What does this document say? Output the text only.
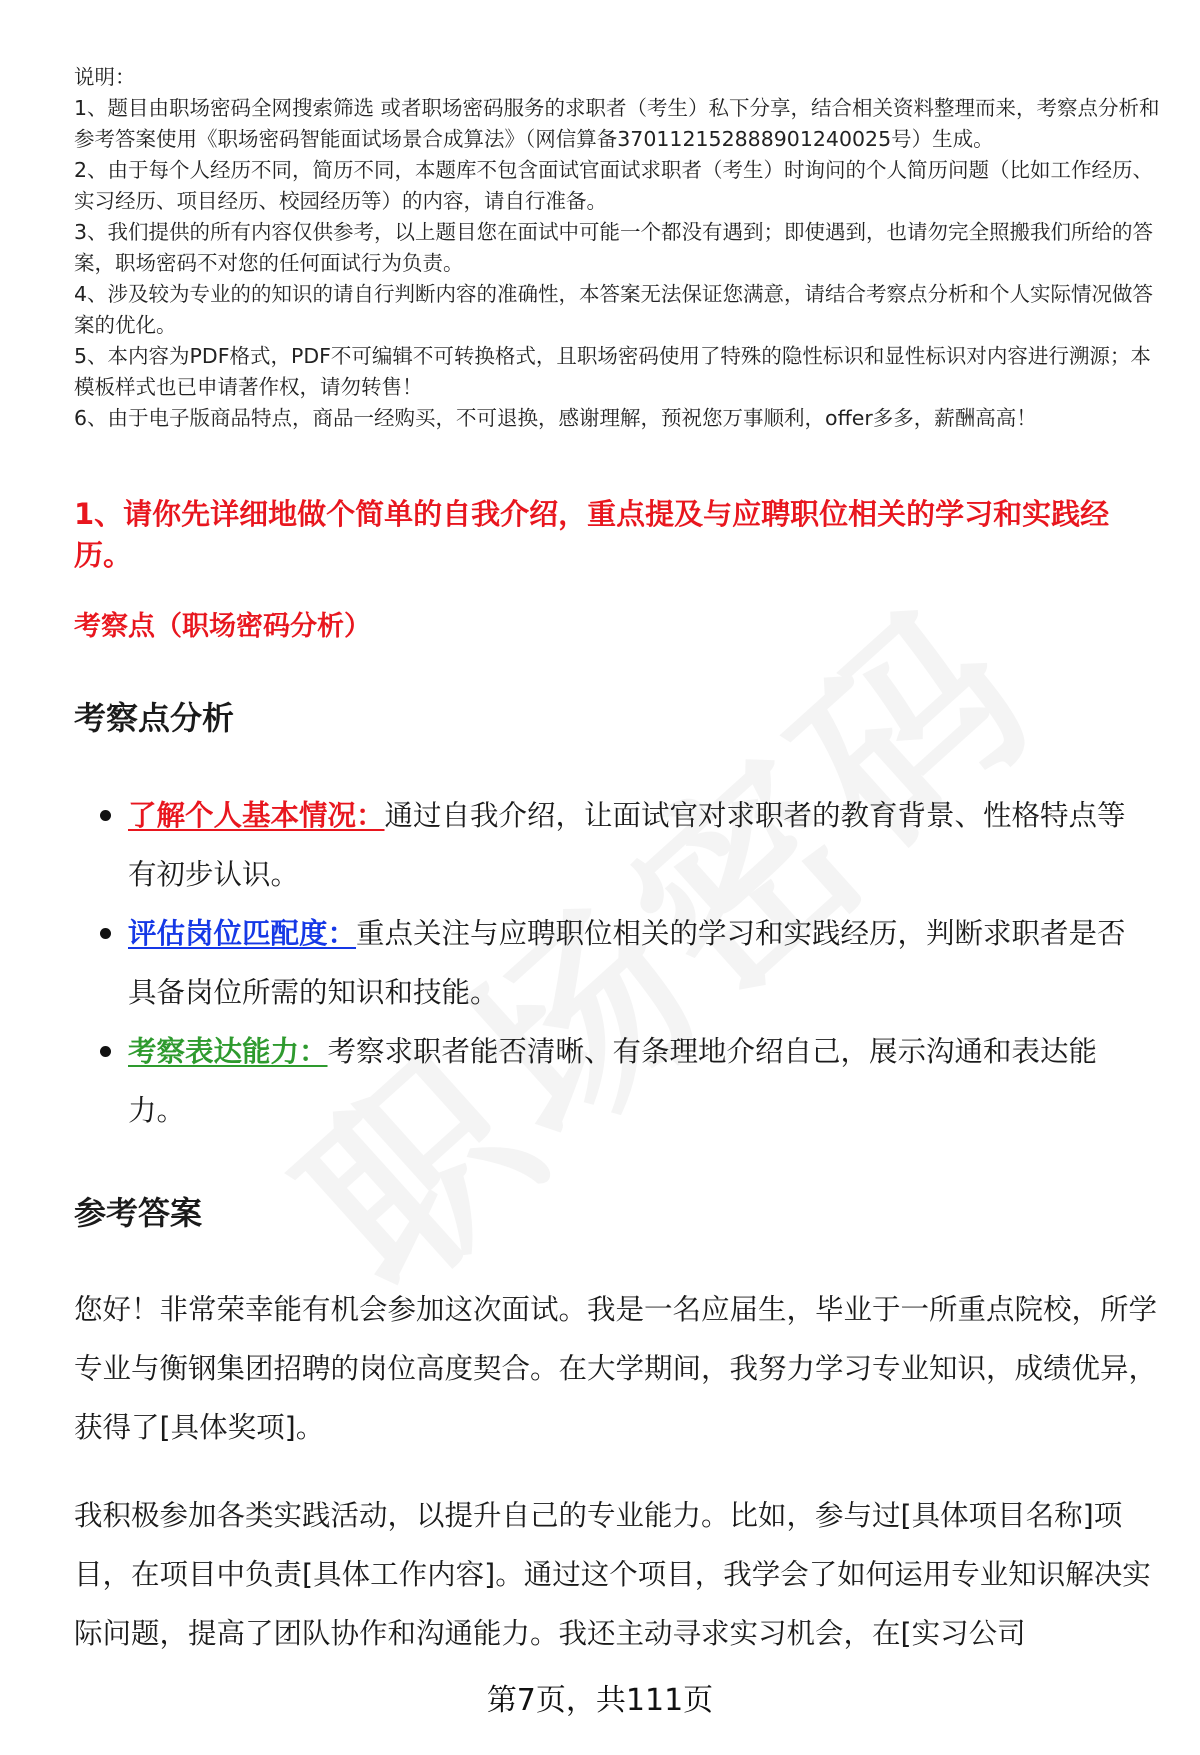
说明：
1、题目由职场密码全网搜索筛选 或者职场密码服务的求职者（考生）私下分享，结合相关资料整理而来，考察点分析和参考答案使用《职场密码智能面试场景合成算法》（网信算备370112152888901240025号）生成。
2、由于每个人经历不同，简历不同，本题库不包含面试官面试求职者（考生）时询问的个人简历问题（比如工作经历、实习经历、项目经历、校园经历等）的内容，请自行准备。
3、我们提供的所有内容仅供参考，以上题目您在面试中可能一个都没有遇到；即使遇到，也请勿完全照搬我们所给的答案，职场密码不对您的任何面试行为负责。
4、涉及较为专业的的知识的请自行判断内容的准确性，本答案无法保证您满意，请结合考察点分析和个人实际情况做答案的优化。
5、本内容为PDF格式，PDF不可编辑不可转换格式，且职场密码使用了特殊的隐性标识和显性标识对内容进行溯源；本模板样式也已申请著作权，请勿转售！
6、由于电子版商品特点，商品一经购买，不可退换，感谢理解，预祝您万事顺利，offer多多，薪酬高高！
1、请你先详细地做个简单的自我介绍，重点提及与应聘职位相关的学习和实践经历。
考察点（职场密码分析）
考察点分析
了解个人基本情况：通过自我介绍，让面试官对求职者的教育背景、性格特点等有初步认识。
评估岗位匹配度：重点关注与应聘职位相关的学习和实践经历，判断求职者是否具备岗位所需的知识和技能。
考察表达能力：考察求职者能否清晰、有条理地介绍自己，展示沟通和表达能力。
参考答案

您好！非常荣幸能有机会参加这次面试。我是一名应届生，毕业于一所重点院校，所学专业与衡钢集团招聘的岗位高度契合。在大学期间，我努力学习专业知识，成绩优异，获得了[具体奖项]。

我积极参加各类实践活动，以提升自己的专业能力。比如，参与过[具体项目名称]项目，在项目中负责[具体工作内容]。通过这个项目，我学会了如何运用专业知识解决实际问题，提高了团队协作和沟通能力。我还主动寻求实习机会，在[实习公司

第7页，共111页
